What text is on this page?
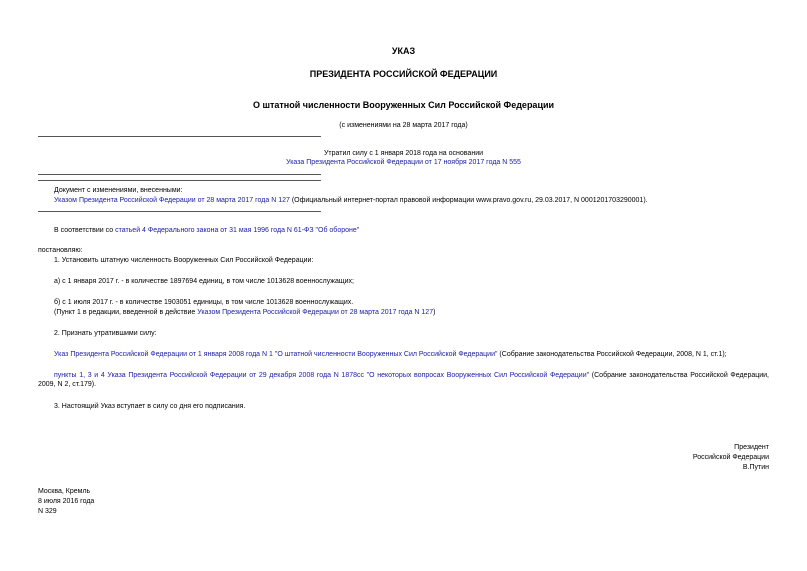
УКАЗ
ПРЕЗИДЕНТА РОССИЙСКОЙ ФЕДЕРАЦИИ
О штатной численности Вооруженных Сил Российской Федерации
(с изменениями на 28 марта 2017 года)
Утратил силу с 1 января 2018 года на основании
Указа Президента Российской Федерации от 17 ноября 2017 года N 555
Документ с изменениями, внесенными:
Указом Президента Российской Федерации от 28 марта 2017 года N 127 (Официальный интернет-портал правовой информации www.pravo.gov.ru, 29.03.2017, N 0001201703290001).
В соответствии со статьей 4 Федерального закона от 31 мая 1996 года N 61-ФЗ "Об обороне"
постановляю:
1. Установить штатную численность Вооруженных Сил Российской Федерации:
а) с 1 января 2017 г. - в количестве 1897694 единиц, в том числе 1013628 военнослужащих;
б) с 1 июля 2017 г. - в количестве 1903051 единицы, в том числе 1013628 военнослужащих.
(Пункт 1 в редакции, введенной в действие Указом Президента Российской Федерации от 28 марта 2017 года N 127)
2. Признать утратившими силу:
Указ Президента Российской Федерации от 1 января 2008 года N 1 "О штатной численности Вооруженных Сил Российской Федерации" (Собрание законодательства Российской Федерации, 2008, N 1, ст.1);
пункты 1, 3 и 4 Указа Президента Российской Федерации от 29 декабря 2008 года N 1878сс "О некоторых вопросах Вооруженных Сил Российской Федерации" (Собрание законодательства Российской Федерации, 2009, N 2, ст.179).
3. Настоящий Указ вступает в силу со дня его подписания.
Президент
Российской Федерации
В.Путин
Москва, Кремль
8 июля 2016 года
N 329
